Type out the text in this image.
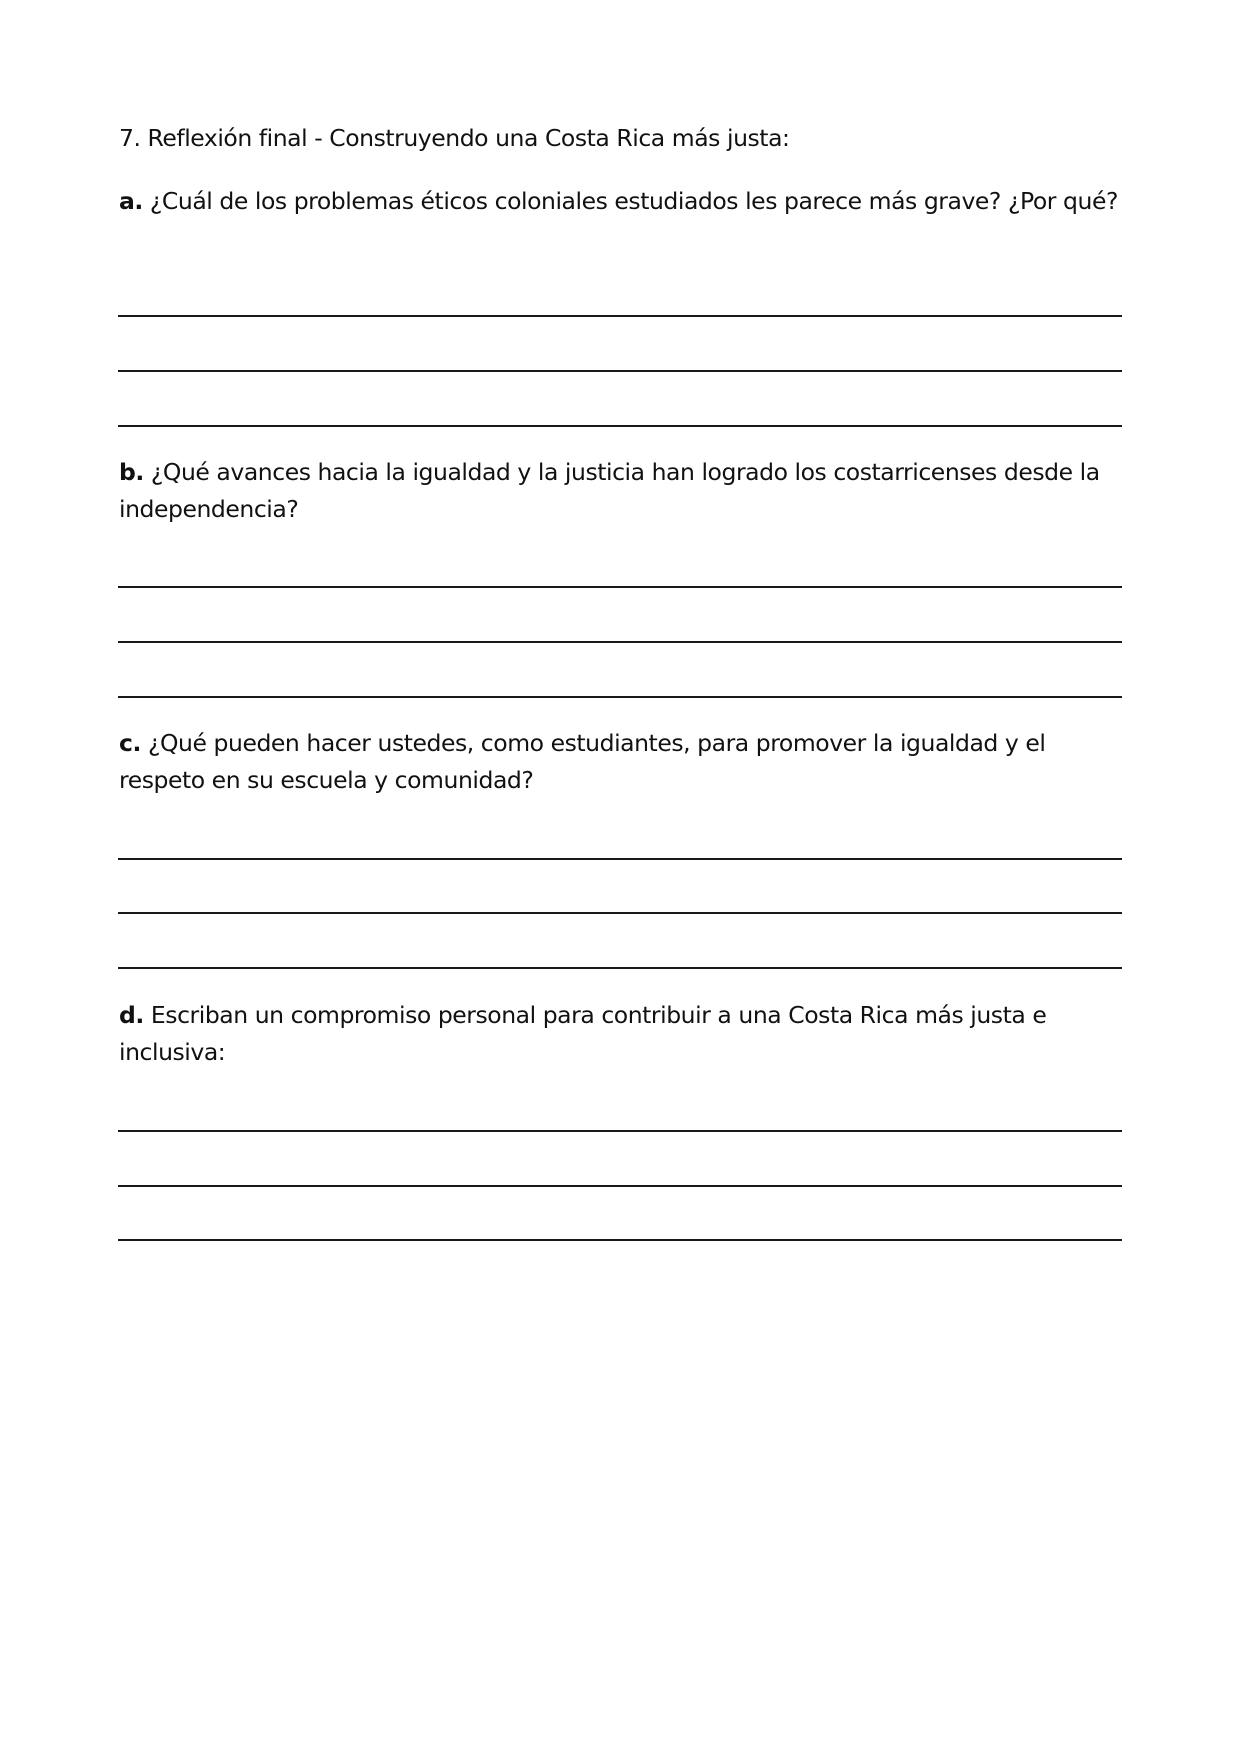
7. Reflexión final - Construyendo una Costa Rica más justa:
a. ¿Cuál de los problemas éticos coloniales estudiados les parece más grave? ¿Por qué?
b. ¿Qué avances hacia la igualdad y la justicia han logrado los costarricenses desde la independencia?
c. ¿Qué pueden hacer ustedes, como estudiantes, para promover la igualdad y el respeto en su escuela y comunidad?
d. Escriban un compromiso personal para contribuir a una Costa Rica más justa e inclusiva:
